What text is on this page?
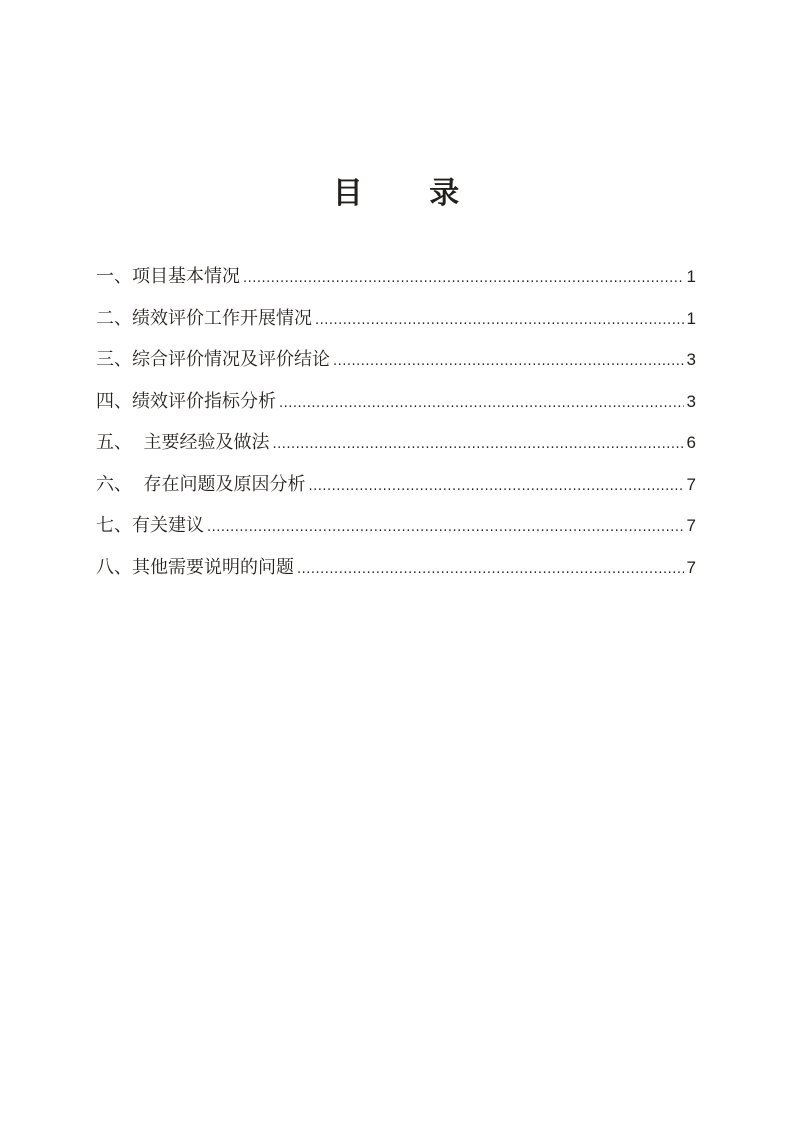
目 录
一、项目基本情况 .....	1
二、绩效评价工作开展情况 .....	1
三、综合评价情况及评价结论 .....	3
四、绩效评价指标分析 .....	3
五、  主要经验及做法 .....	6
六、  存在问题及原因分析 .....	7
七、有关建议 .....	7
八、其他需要说明的问题 .....	7
